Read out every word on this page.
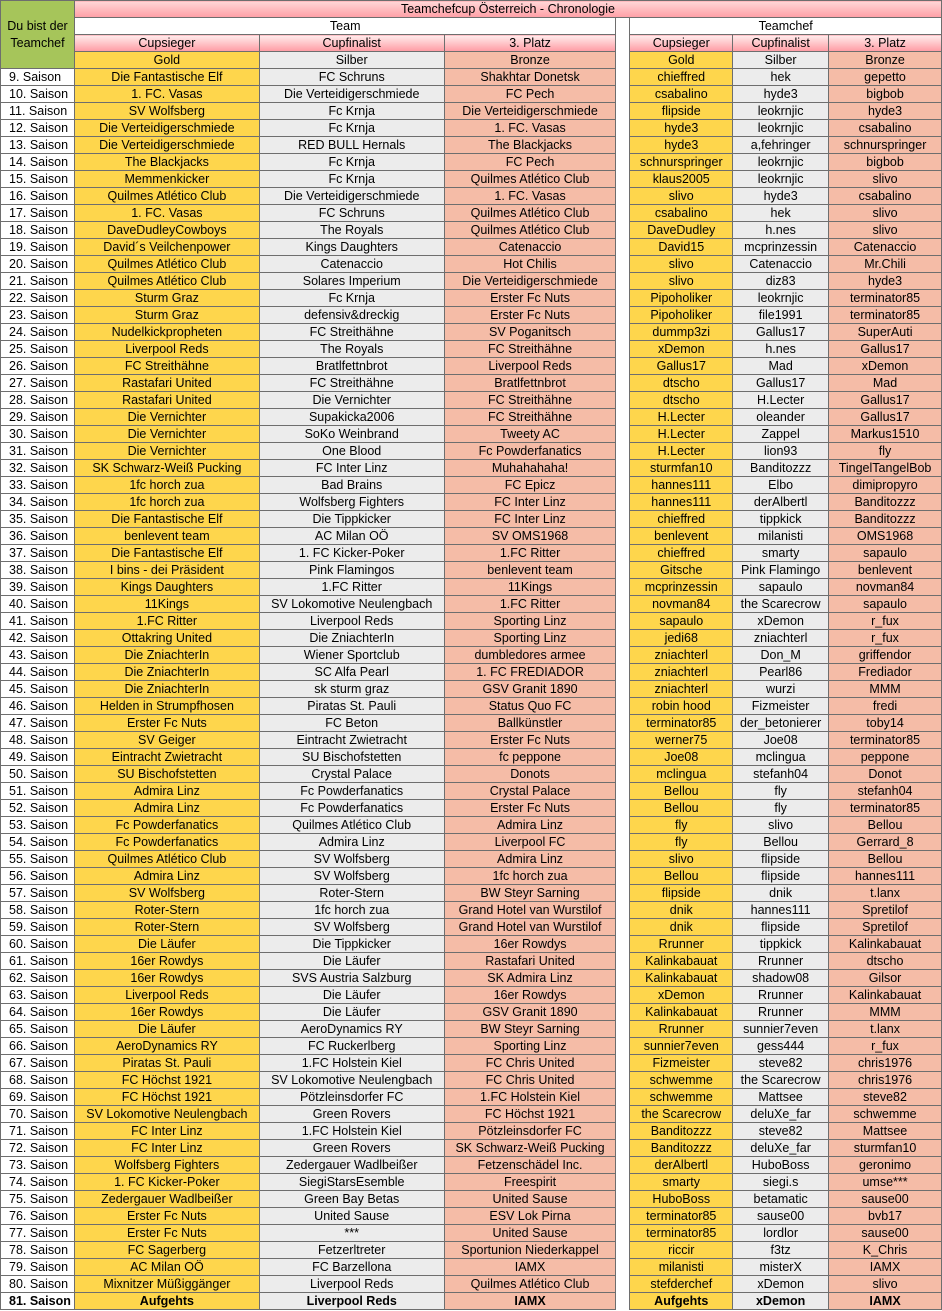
Du bist der Teamchef	Teamchefcup Österreich - Chronologie						
	Team				Teamchef		
	Cupsieger	Cupfinalist	3. Platz		Cupsieger	Cupfinalist	3. Platz
	Gold	Silber	Bronze		Gold	Silber	Bronze
9. Saison	Die Fantastische Elf	FC Schruns	Shakhtar Donetsk		chieffred	hek	gepetto
10. Saison	1. FC. Vasas	Die Verteidigerschmiede	FC Pech		csabalino	hyde3	bigbob
11. Saison	SV Wolfsberg	Fc Krnja	Die Verteidigerschmiede		flipside	leokrnjic	hyde3
12. Saison	Die Verteidigerschmiede	Fc Krnja	1. FC. Vasas		hyde3	leokrnjic	csabalino
13. Saison	Die Verteidigerschmiede	RED BULL Hernals	The Blackjacks		hyde3	a,fehringer	schnurspringer
14. Saison	The Blackjacks	Fc Krnja	FC Pech		schnurspringer	leokrnjic	bigbob
15. Saison	Memmenkicker	Fc Krnja	Quilmes Atlético Club		klaus2005	leokrnjic	slivo
16. Saison	Quilmes Atlético Club	Die Verteidigerschmiede	1. FC. Vasas		slivo	hyde3	csabalino
17. Saison	1. FC. Vasas	FC Schruns	Quilmes Atlético Club		csabalino	hek	slivo
18. Saison	DaveDudleyCowboys	The Royals	Quilmes Atlético Club		DaveDudley	h.nes	slivo
19. Saison	David´s Veilchenpower	Kings Daughters	Catenaccio		David15	mcprinzessin	Catenaccio
20. Saison	Quilmes Atlético Club	Catenaccio	Hot Chilis		slivo	Catenaccio	Mr.Chili
21. Saison	Quilmes Atlético Club	Solares Imperium	Die Verteidigerschmiede		slivo	diz83	hyde3
22. Saison	Sturm Graz	Fc Krnja	Erster Fc Nuts		Pipoholiker	leokrnjic	terminator85
23. Saison	Sturm Graz	defensiv&dreckig	Erster Fc Nuts		Pipoholiker	file1991	terminator85
24. Saison	Nudelkickpropheten	FC Streithähne	SV Poganitsch		dummp3zi	Gallus17	SuperAuti
25. Saison	Liverpool Reds	The Royals	FC Streithähne		xDemon	h.nes	Gallus17
26. Saison	FC Streithähne	Bratlfettnbrot	Liverpool Reds		Gallus17	Mad	xDemon
27. Saison	Rastafari United	FC Streithähne	Bratlfettnbrot		dtscho	Gallus17	Mad
28. Saison	Rastafari United	Die Vernichter	FC Streithähne		dtscho	H.Lecter	Gallus17
29. Saison	Die Vernichter	Supakicka2006	FC Streithähne		H.Lecter	oleander	Gallus17
30. Saison	Die Vernichter	SoKo Weinbrand	Tweety AC		H.Lecter	Zappel	Markus1510
31. Saison	Die Vernichter	One Blood	Fc Powderfanatics		H.Lecter	lion93	fly
32. Saison	SK Schwarz-Weiß Pucking	FC Inter Linz	Muhahahaha!		sturmfan10	Banditozzz	TingelTangelBob
33. Saison	1fc horch zua	Bad Brains	FC Epicz		hannes111	Elbo	dimipropyro
34. Saison	1fc horch zua	Wolfsberg Fighters	FC Inter Linz		hannes111	derAlbertl	Banditozzz
35. Saison	Die Fantastische Elf	Die Tippkicker	FC Inter Linz		chieffred	tippkick	Banditozzz
36. Saison	benlevent team	AC Milan OÖ	SV OMS1968		benlevent	milanisti	OMS1968
37. Saison	Die Fantastische Elf	1. FC Kicker-Poker	1.FC Ritter		chieffred	smarty	sapaulo
38. Saison	I bins - dei Präsident	Pink Flamingos	benlevent team		Gitsche	Pink Flamingo	benlevent
39. Saison	Kings Daughters	1.FC Ritter	11Kings		mcprinzessin	sapaulo	novman84
40. Saison	11Kings	SV Lokomotive Neulengbach	1.FC Ritter		novman84	the Scarecrow	sapaulo
41. Saison	1.FC Ritter	Liverpool Reds	Sporting Linz		sapaulo	xDemon	r_fux
42. Saison	Ottakring United	Die ZniachterIn	Sporting Linz		jedi68	zniachterl	r_fux
43. Saison	Die ZniachterIn	Wiener Sportclub	dumbledores armee		zniachterl	Don_M	griffendor
44. Saison	Die ZniachterIn	SC Alfa Pearl	1. FC FREDIADOR		zniachterl	Pearl86	Frediador
45. Saison	Die ZniachterIn	sk sturm graz	GSV Granit 1890		zniachterl	wurzi	MMM
46. Saison	Helden in Strumpfhosen	Piratas St. Pauli	Status Quo FC		robin hood	Fizmeister	fredi
47. Saison	Erster Fc Nuts	FC Beton	Ballkünstler		terminator85	der_betonierer	toby14
48. Saison	SV Geiger	Eintracht Zwietracht	Erster Fc Nuts		werner75	Joe08	terminator85
49. Saison	Eintracht Zwietracht	SU Bischofstetten	fc peppone		Joe08	mclingua	peppone
50. Saison	SU Bischofstetten	Crystal Palace	Donots		mclingua	stefanh04	Donot
51. Saison	Admira Linz	Fc Powderfanatics	Crystal Palace		Bellou	fly	stefanh04
52. Saison	Admira Linz	Fc Powderfanatics	Erster Fc Nuts		Bellou	fly	terminator85
53. Saison	Fc Powderfanatics	Quilmes Atlético Club	Admira Linz		fly	slivo	Bellou
54. Saison	Fc Powderfanatics	Admira Linz	Liverpool FC		fly	Bellou	Gerrard_8
55. Saison	Quilmes Atlético Club	SV Wolfsberg	Admira Linz		slivo	flipside	Bellou
56. Saison	Admira Linz	SV Wolfsberg	1fc horch zua		Bellou	flipside	hannes111
57. Saison	SV Wolfsberg	Roter-Stern	BW Steyr Sarning		flipside	dnik	t.lanx
58. Saison	Roter-Stern	1fc horch zua	Grand Hotel van Wurstilof		dnik	hannes111	Spretilof
59. Saison	Roter-Stern	SV Wolfsberg	Grand Hotel van Wurstilof		dnik	flipside	Spretilof
60. Saison	Die Läufer	Die Tippkicker	16er Rowdys		Rrunner	tippkick	Kalinkabauat
61. Saison	16er Rowdys	Die Läufer	Rastafari United		Kalinkabauat	Rrunner	dtscho
62. Saison	16er Rowdys	SVS Austria Salzburg	SK Admira Linz		Kalinkabauat	shadow08	Gilsor
63. Saison	Liverpool Reds	Die Läufer	16er Rowdys		xDemon	Rrunner	Kalinkabauat
64. Saison	16er Rowdys	Die Läufer	GSV Granit 1890		Kalinkabauat	Rrunner	MMM
65. Saison	Die Läufer	AeroDynamics RY	BW Steyr Sarning		Rrunner	sunnier7even	t.lanx
66. Saison	AeroDynamics RY	FC Ruckerlberg	Sporting Linz		sunnier7even	gess444	r_fux
67. Saison	Piratas St. Pauli	1.FC Holstein Kiel	FC Chris United		Fizmeister	steve82	chris1976
68. Saison	FC Höchst 1921	SV Lokomotive Neulengbach	FC Chris United		schwemme	the Scarecrow	chris1976
69. Saison	FC Höchst 1921	Pötzleinsdorfer FC	1.FC Holstein Kiel		schwemme	Mattsee	steve82
70. Saison	SV Lokomotive Neulengbach	Green Rovers	FC Höchst 1921		the Scarecrow	deluXe_far	schwemme
71. Saison	FC Inter Linz	1.FC Holstein Kiel	Pötzleinsdorfer FC		Banditozzz	steve82	Mattsee
72. Saison	FC Inter Linz	Green Rovers	SK Schwarz-Weiß Pucking		Banditozzz	deluXe_far	sturmfan10
73. Saison	Wolfsberg Fighters	Zedergauer Wadlbeißer	Fetzenschädel Inc.		derAlbertl	HuboBoss	geronimo
74. Saison	1. FC Kicker-Poker	SiegiStarsEsemble	Freespirit		smarty	siegi.s	umse***
75. Saison	Zedergauer Wadlbeißer	Green Bay Betas	United Sause		HuboBoss	betamatic	sause00
76. Saison	Erster Fc Nuts	United Sause	ESV Lok Pirna		terminator85	sause00	bvb17
77. Saison	Erster Fc Nuts	***	United Sause		terminator85	lordlor	sause00
78. Saison	FC Sagerberg	Fetzerltreter	Sportunion Niederkappel		riccir	f3tz	K_Chris
79. Saison	AC Milan OÖ	FC Barzellona	IAMX		milanisti	misterX	IAMX
80. Saison	Mixnitzer Müßiggänger	Liverpool Reds	Quilmes Atlético Club		stefderchef	xDemon	slivo
81. Saison	Aufgehts	Liverpool Reds	IAMX		Aufgehts	xDemon	IAMX
